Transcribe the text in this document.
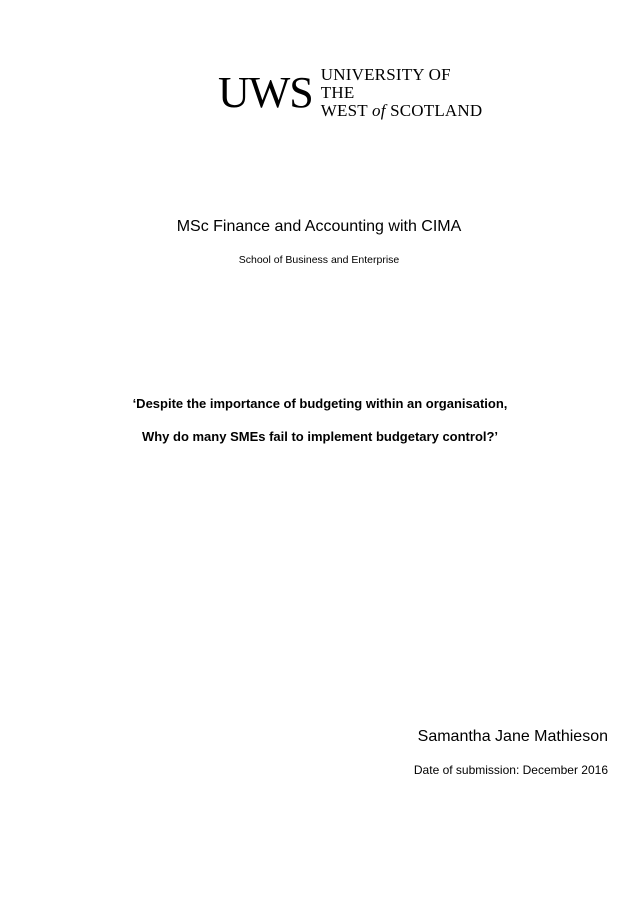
UWS UNIVERSITY OF THE
WEST of SCOTLAND
MSc Finance and Accounting with CIMA
School of Business and Enterprise
‘Despite the importance of budgeting within an organisation,
Why do many SMEs fail to implement budgetary control?’
Samantha Jane Mathieson
Date of submission: December 2016
